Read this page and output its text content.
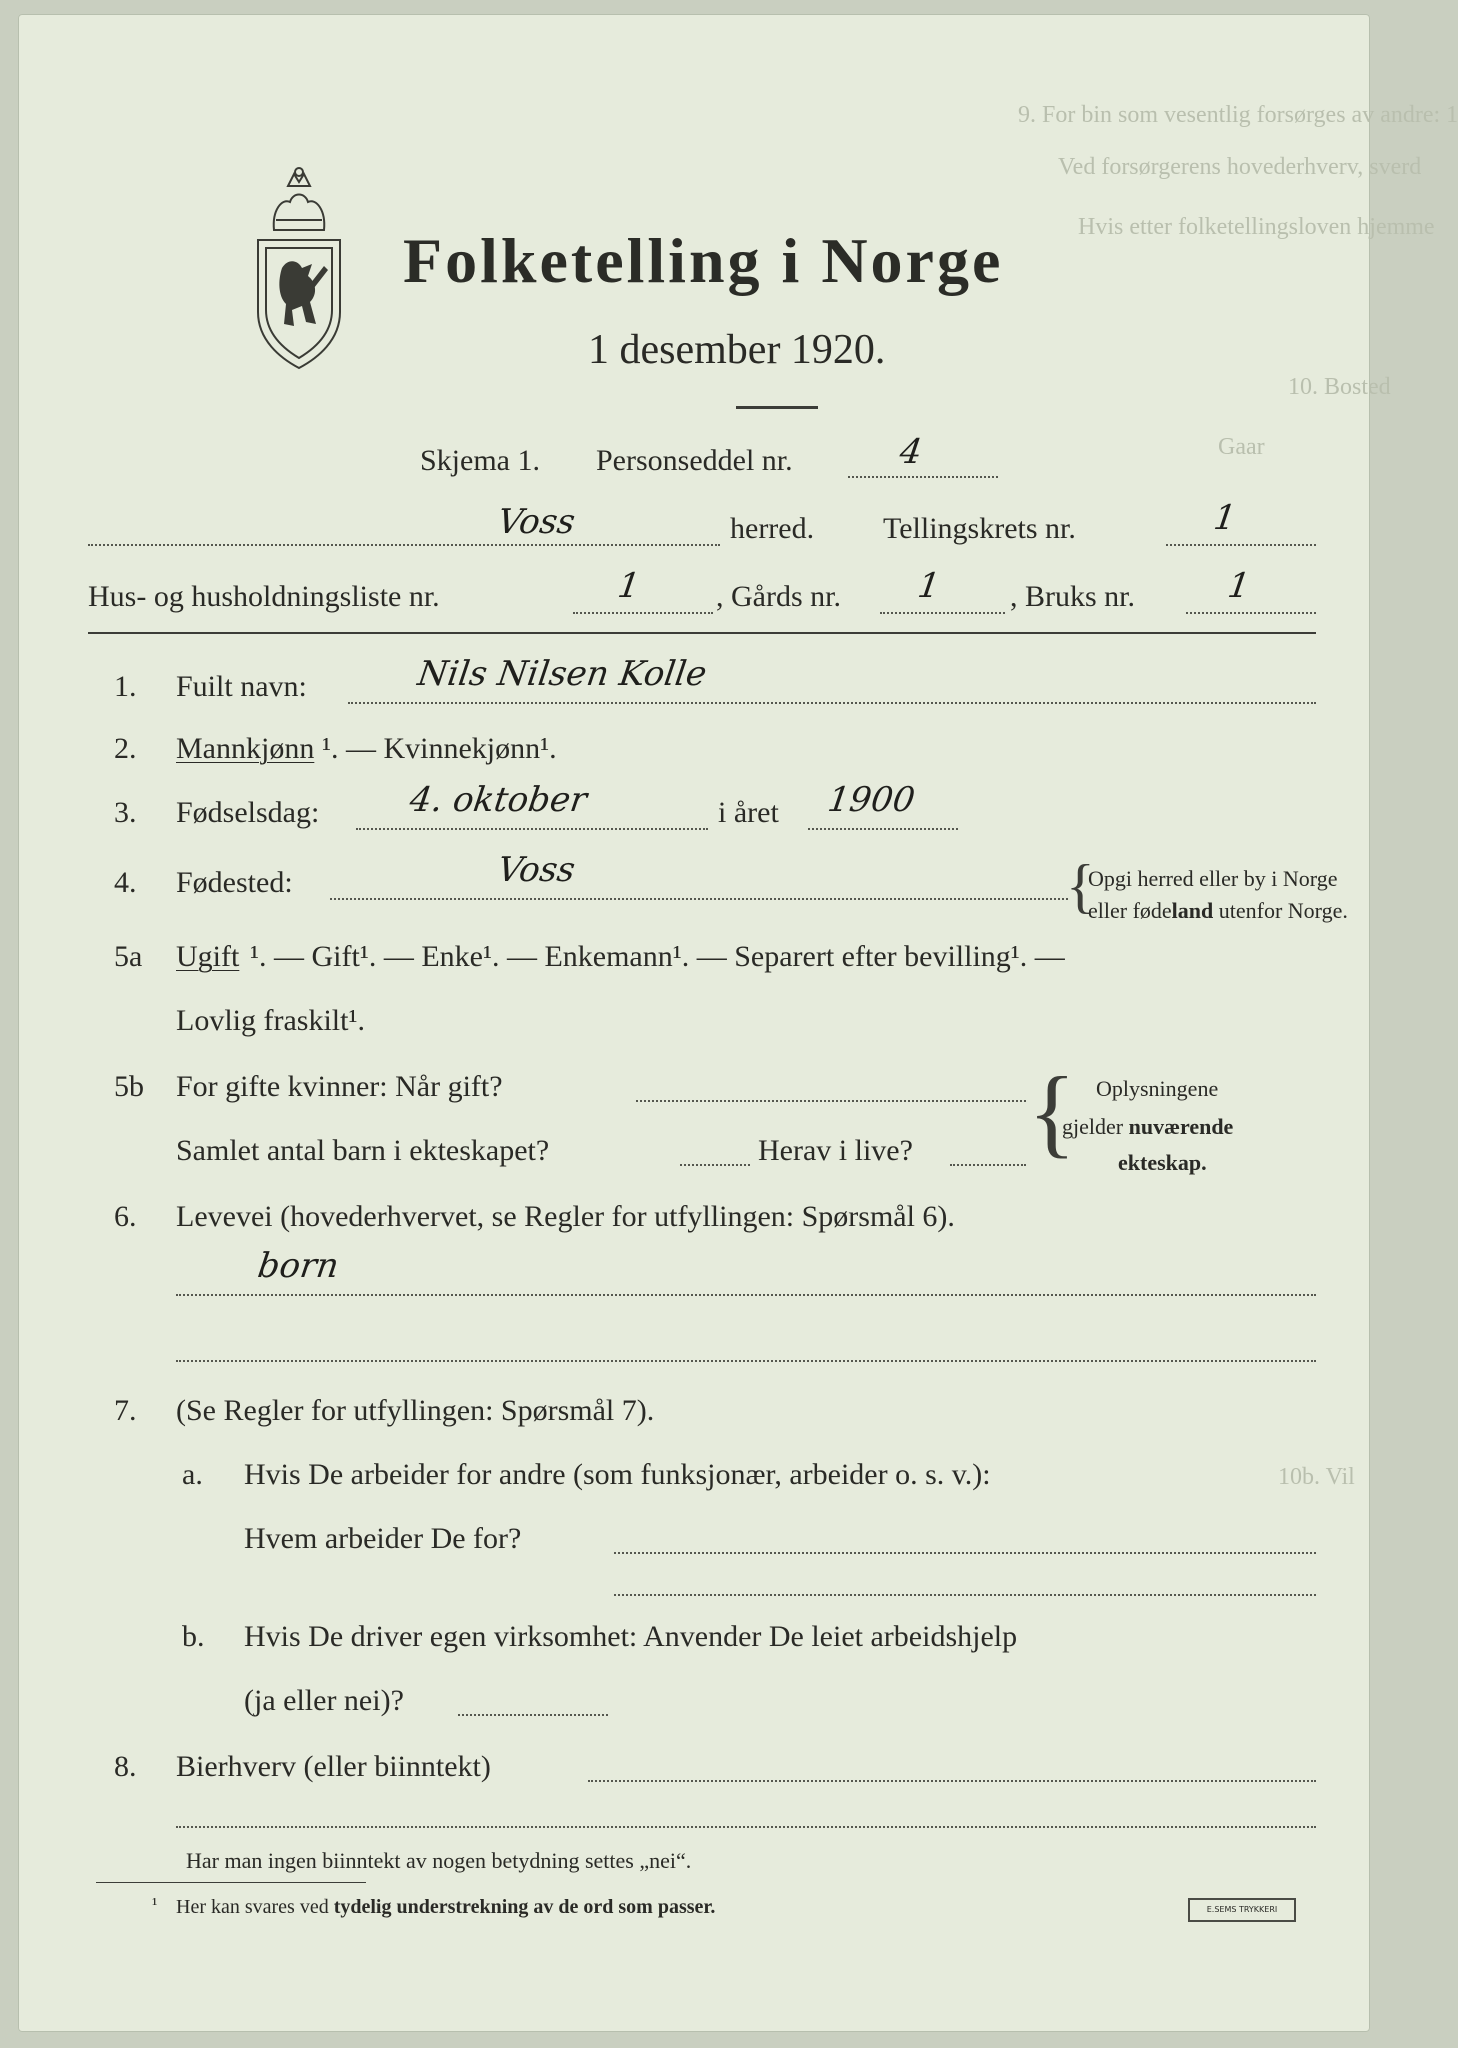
9. For bin som vesentlig forsørges av andre: 1
Ved forsørgerens hovederhverv, sverd
Hvis etter folketellingsloven hjemme
10. Bosted
Gaar
10b. Vil
Folketelling i Norge
1 desember 1920.
Skjema 1. Personseddel nr.	4
Voss	herred. Tellingskrets nr.	1
Hus- og husholdningsliste nr.	1 , Gårds nr. 1 , Bruks nr.	1
1. Fuilt navn:	Nils Nilsen Kolle
2. Mannkjønn ¹. — Kvinnekjønn¹.
3. Fødselsdag:	4. oktober	i året 1900
4. Fødested:	Voss	{
Opgi herred eller by i Norge
eller fødeland utenfor Norge.
5a Ugift ¹. — Gift¹. — Enke¹. — Enkemann¹. — Separert efter bevilling¹. —
Lovlig fraskilt¹.
5b For gifte kvinner: Når gift?
Samlet antal barn i ekteskapet?	Herav i live? { Oplysningene
gjelder nuværende
ekteskap.
6. Levevei (hovederhvervet, se Regler for utfyllingen: Spørsmål 6).
born
7. (Se Regler for utfyllingen: Spørsmål 7).
a. Hvis De arbeider for andre (som funksjonær, arbeider o. s. v.):
Hvem arbeider De for?
b. Hvis De driver egen virksomhet: Anvender De leiet arbeidshjelp
(ja eller nei)?
8. Bierhverv (eller biinntekt)
Har man ingen biinntekt av nogen betydning settes „nei“.
¹ Her kan svares ved tydelig understrekning av de ord som passer.	E.SEMS TRYKKERI
